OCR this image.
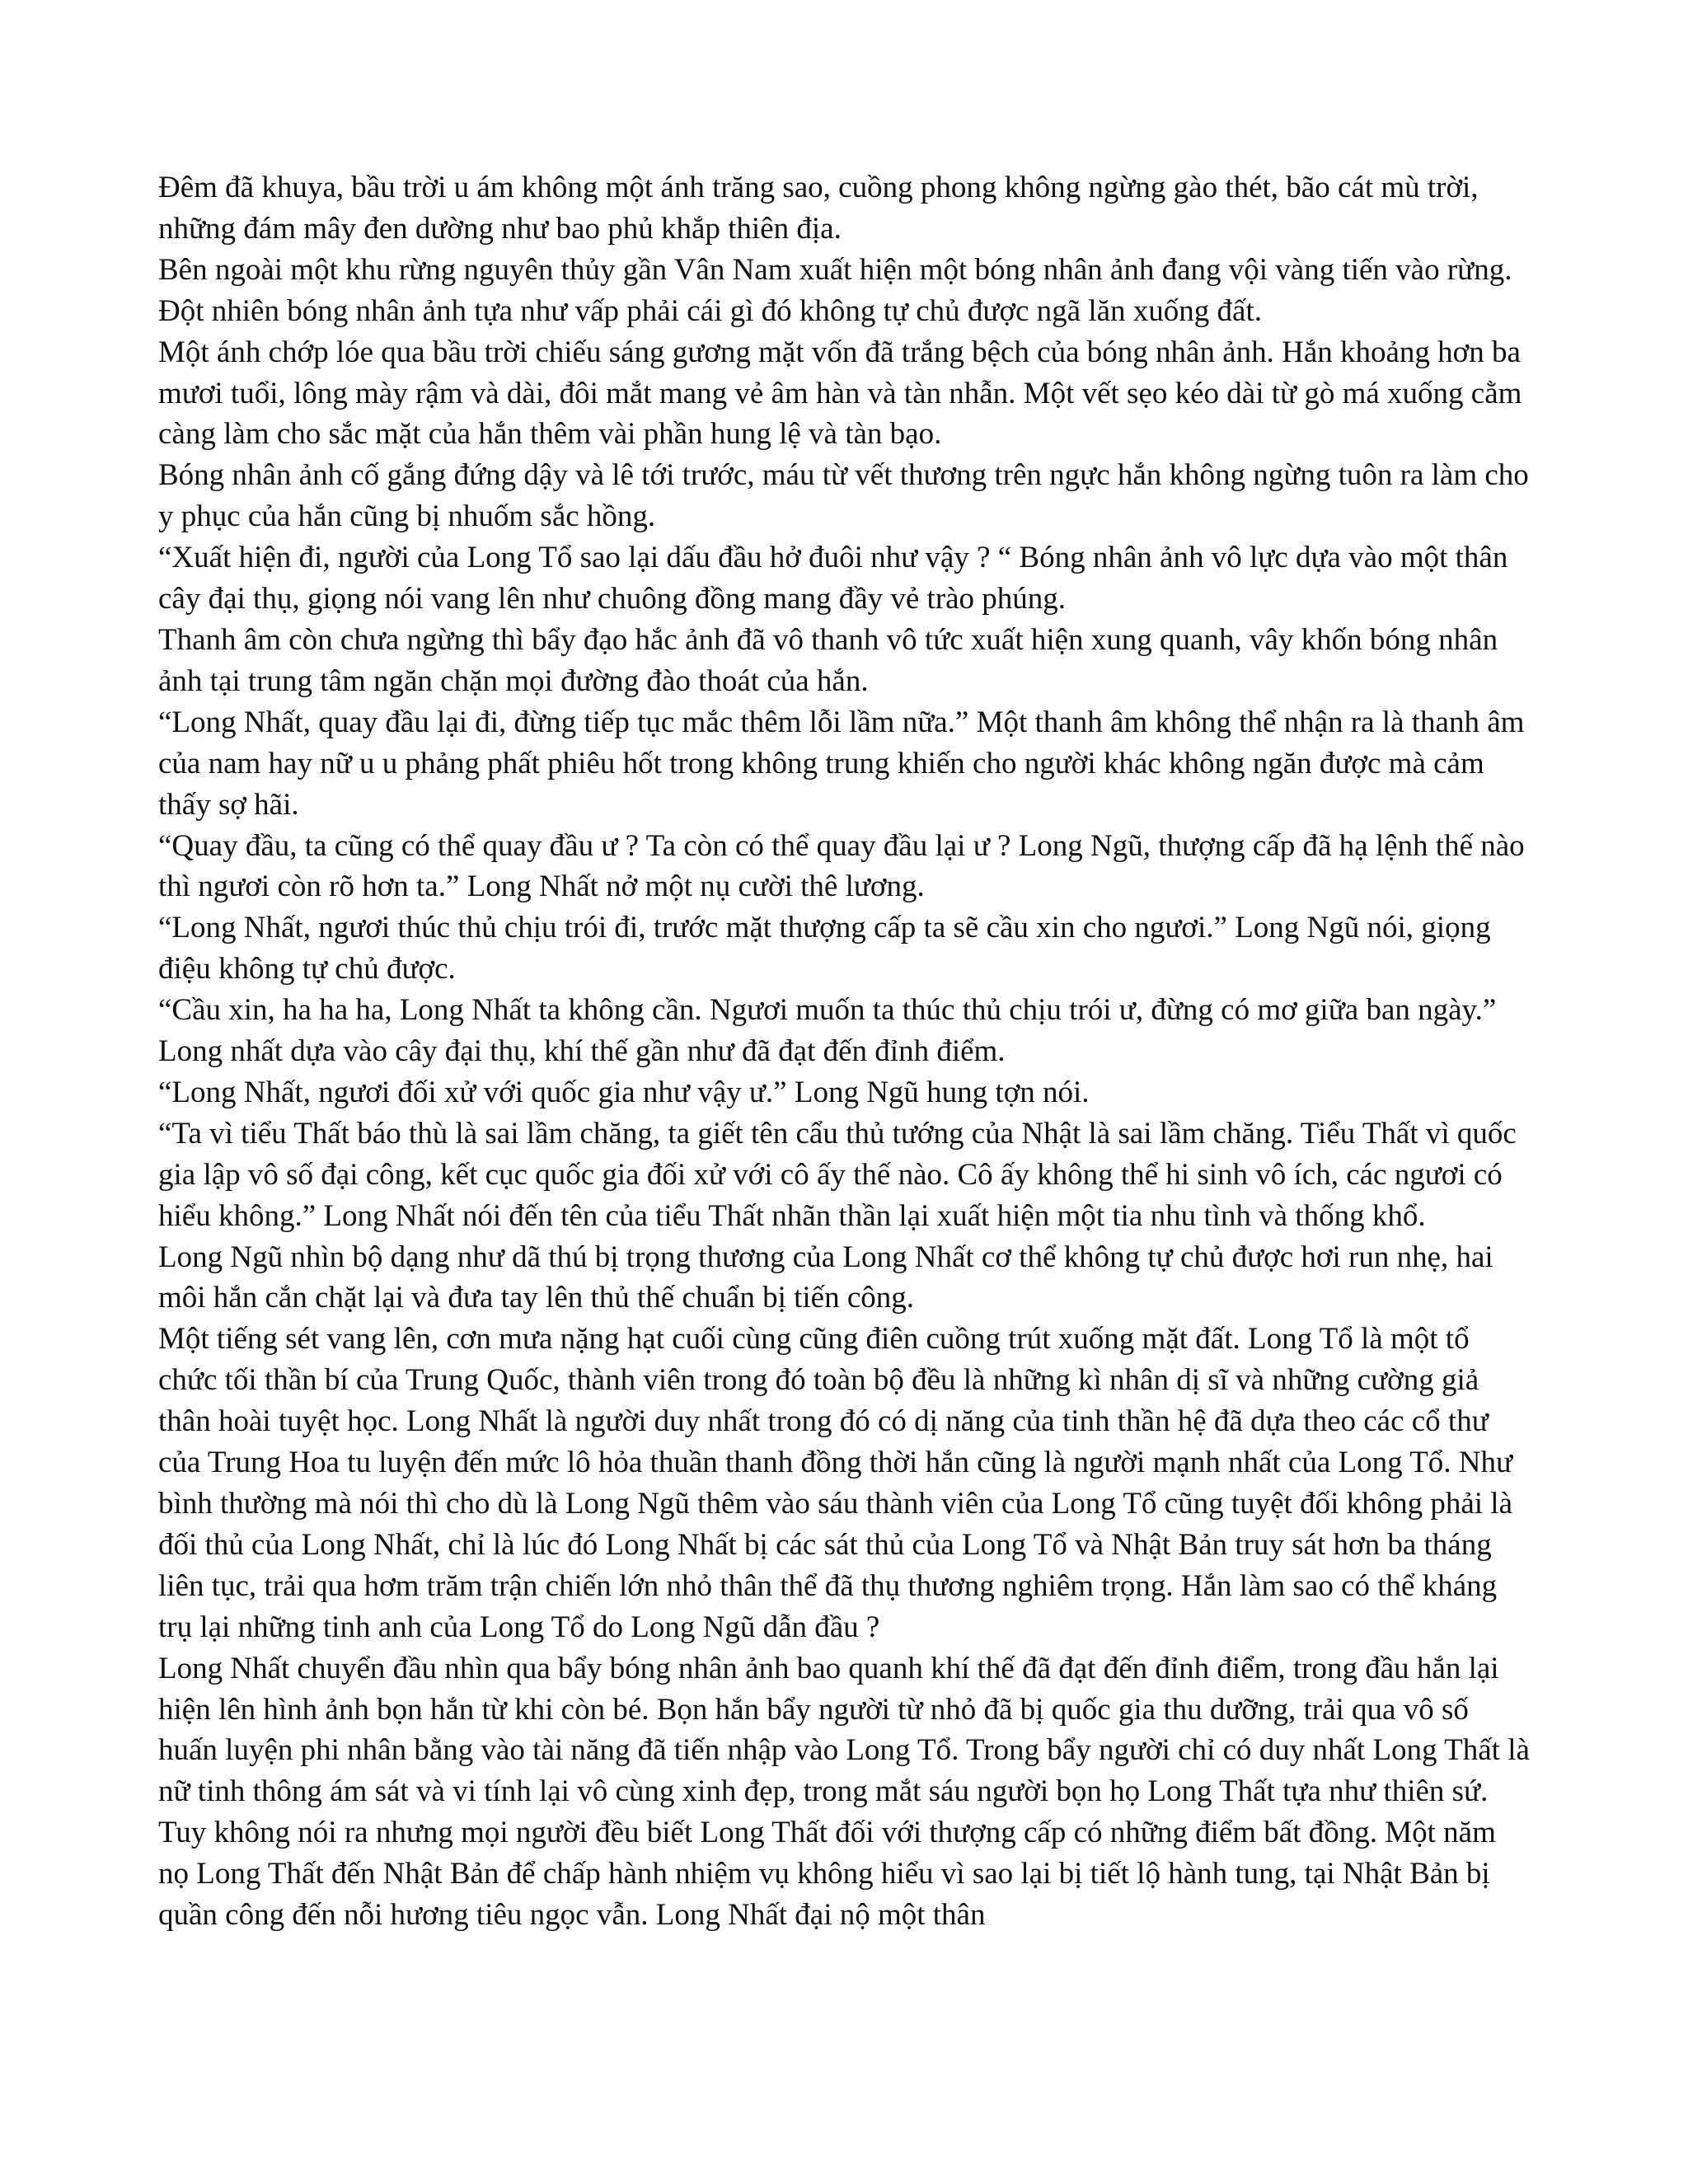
Đêm đã khuya, bầu trời u ám không một ánh trăng sao, cuồng phong không ngừng gào thét, bão cát mù trời, những đám mây đen dường như bao phủ khắp thiên địa.

Bên ngoài một khu rừng nguyên thủy gần Vân Nam xuất hiện một bóng nhân ảnh đang vội vàng tiến vào rừng. Đột nhiên bóng nhân ảnh tựa như vấp phải cái gì đó không tự chủ được ngã lăn xuống đất.

Một ánh chớp lóe qua bầu trời chiếu sáng gương mặt vốn đã trắng bệch của bóng nhân ảnh. Hắn khoảng hơn ba mươi tuổi, lông mày rậm và dài, đôi mắt mang vẻ âm hàn và tàn nhẫn. Một vết sẹo kéo dài từ gò má xuống cằm càng làm cho sắc mặt của hắn thêm vài phần hung lệ và tàn bạo.

Bóng nhân ảnh cố gắng đứng dậy và lê tới trước, máu từ vết thương trên ngực hắn không ngừng tuôn ra làm cho y phục của hắn cũng bị nhuốm sắc hồng.

“Xuất hiện đi, người của Long Tổ sao lại dấu đầu hở đuôi như vậy ? “ Bóng nhân ảnh vô lực dựa vào một thân cây đại thụ, giọng nói vang lên như chuông đồng mang đầy vẻ trào phúng.

Thanh âm còn chưa ngừng thì bẩy đạo hắc ảnh đã vô thanh vô tức xuất hiện xung quanh, vây khốn bóng nhân ảnh tại trung tâm ngăn chặn mọi đường đào thoát của hắn.

“Long Nhất, quay đầu lại đi, đừng tiếp tục mắc thêm lỗi lầm nữa.” Một thanh âm không thể nhận ra là thanh âm của nam hay nữ u u phảng phất phiêu hốt trong không trung khiến cho người khác không ngăn được mà cảm thấy sợ hãi.

“Quay đầu, ta cũng có thể quay đầu ư ? Ta còn có thể quay đầu lại ư ? Long Ngũ, thượng cấp đã hạ lệnh thế nào thì ngươi còn rõ hơn ta.” Long Nhất nở một nụ cười thê lương.

“Long Nhất, ngươi thúc thủ chịu trói đi, trước mặt thượng cấp ta sẽ cầu xin cho ngươi.” Long Ngũ nói, giọng điệu không tự chủ được.

“Cầu xin, ha ha ha, Long Nhất ta không cần. Ngươi muốn ta thúc thủ chịu trói ư, đừng có mơ giữa ban ngày.” Long nhất dựa vào cây đại thụ, khí thế gần như đã đạt đến đỉnh điểm.

“Long Nhất, ngươi đối xử với quốc gia như vậy ư.” Long Ngũ hung tợn nói.

“Ta vì tiểu Thất báo thù là sai lầm chăng, ta giết tên cẩu thủ tướng của Nhật là sai lầm chăng. Tiểu Thất vì quốc gia lập vô số đại công, kết cục quốc gia đối xử với cô ấy thế nào. Cô ấy không thể hi sinh vô ích, các ngươi có hiểu không.” Long Nhất nói đến tên của tiểu Thất nhãn thần lại xuất hiện một tia nhu tình và thống khổ.

Long Ngũ nhìn bộ dạng như dã thú bị trọng thương của Long Nhất cơ thể không tự chủ được hơi run nhẹ, hai môi hắn cắn chặt lại và đưa tay lên thủ thế chuẩn bị tiến công.

Một tiếng sét vang lên, cơn mưa nặng hạt cuối cùng cũng điên cuồng trút xuống mặt đất. Long Tổ là một tổ chức tối thần bí của Trung Quốc, thành viên trong đó toàn bộ đều là những kì nhân dị sĩ và những cường giả thân hoài tuyệt học. Long Nhất là người duy nhất trong đó có dị năng của tinh thần hệ đã dựa theo các cổ thư của Trung Hoa tu luyện đến mức lô hỏa thuần thanh đồng thời hắn cũng là người mạnh nhất của Long Tổ. Như bình thường mà nói thì cho dù là Long Ngũ thêm vào sáu thành viên của Long Tổ cũng tuyệt đối không phải là đối thủ của Long Nhất, chỉ là lúc đó Long Nhất bị các sát thủ của Long Tổ và Nhật Bản truy sát hơn ba tháng liên tục, trải qua hơm trăm trận chiến lớn nhỏ thân thể đã thụ thương nghiêm trọng. Hắn làm sao có thể kháng trụ lại những tinh anh của Long Tổ do Long Ngũ dẫn đầu ?

Long Nhất chuyển đầu nhìn qua bẩy bóng nhân ảnh bao quanh khí thế đã đạt đến đỉnh điểm, trong đầu hắn lại hiện lên hình ảnh bọn hắn từ khi còn bé. Bọn hắn bẩy người từ nhỏ đã bị quốc gia thu dưỡng, trải qua vô số huấn luyện phi nhân bằng vào tài năng đã tiến nhập vào Long Tổ. Trong bẩy người chỉ có duy nhất Long Thất là nữ tinh thông ám sát và vi tính lại vô cùng xinh đẹp, trong mắt sáu người bọn họ Long Thất tựa như thiên sứ. Tuy không nói ra nhưng mọi người đều biết Long Thất đối với thượng cấp có những điểm bất đồng. Một năm nọ Long Thất đến Nhật Bản để chấp hành nhiệm vụ không hiểu vì sao lại bị tiết lộ hành tung, tại Nhật Bản bị quần công đến nỗi hương tiêu ngọc vẫn. Long Nhất đại nộ một thân
